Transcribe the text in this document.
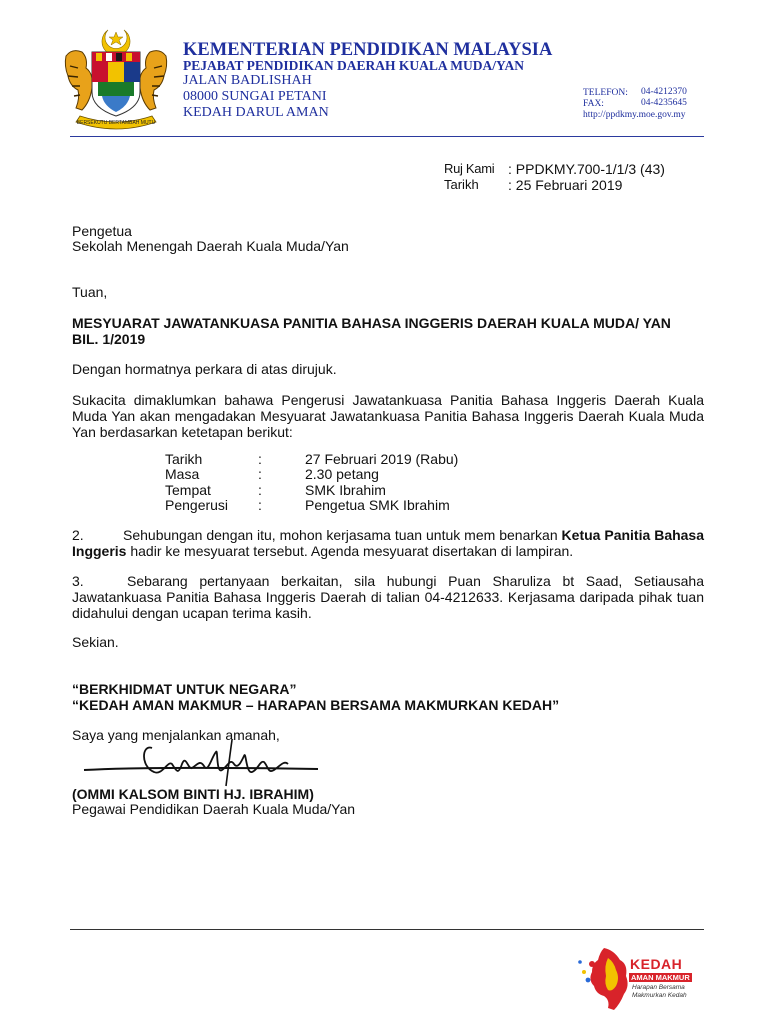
BERSEKUTU BERTAMBAH MUTU
KEMENTERIAN PENDIDIKAN MALAYSIA
PEJABAT PENDIDIKAN DAERAH KUALA MUDA/YAN
JALAN BADLISHAH
08000 SUNGAI PETANI
KEDAH DARUL AMAN
TELEFON: 04-4212370
FAX:	04-4235645
http://ppdkmy.moe.gov.my
Ruj Kami : PPDKMY.700-1/1/3 (43)
Tarikh : 25 Februari 2019
Pengetua
Sekolah Menengah Daerah Kuala Muda/Yan
Tuan,
MESYUARAT JAWATANKUASA PANITIA BAHASA INGGERIS DAERAH KUALA MUDA/ YAN
BIL. 1/2019
Dengan hormatnya perkara di atas dirujuk.
Sukacita dimaklumkan bahawa Pengerusi Jawatankuasa Panitia Bahasa Inggeris Daerah Kuala Muda Yan akan mengadakan Mesyuarat Jawatankuasa Panitia Bahasa Inggeris Daerah Kuala Muda Yan berdasarkan ketetapan berikut:
Tarikh	:	27 Februari 2019 (Rabu)
Masa	:	2.30 petang
Tempat	:	SMK Ibrahim
Pengerusi	:	Pengetua SMK Ibrahim
2.	Sehubungan dengan itu, mohon kerjasama tuan untuk mem benarkan Ketua Panitia Bahasa Inggeris hadir ke mesyuarat tersebut. Agenda mesyuarat disertakan di lampiran.
3.	Sebarang pertanyaan berkaitan, sila hubungi Puan Sharuliza bt Saad, Setiausaha Jawatankuasa Panitia Bahasa Inggeris Daerah di talian 04-4212633. Kerjasama daripada pihak tuan didahului dengan ucapan terima kasih.
Sekian.
“BERKHIDMAT UNTUK NEGARA”
“KEDAH AMAN MAKMUR – HARAPAN BERSAMA MAKMURKAN KEDAH”
Saya yang menjalankan amanah,
(OMMI KALSOM BINTI HJ. IBRAHIM)
Pegawai Pendidikan Daerah Kuala Muda/Yan
KEDAH
AMAN MAKMUR
Harapan Bersama
Makmurkan Kedah
